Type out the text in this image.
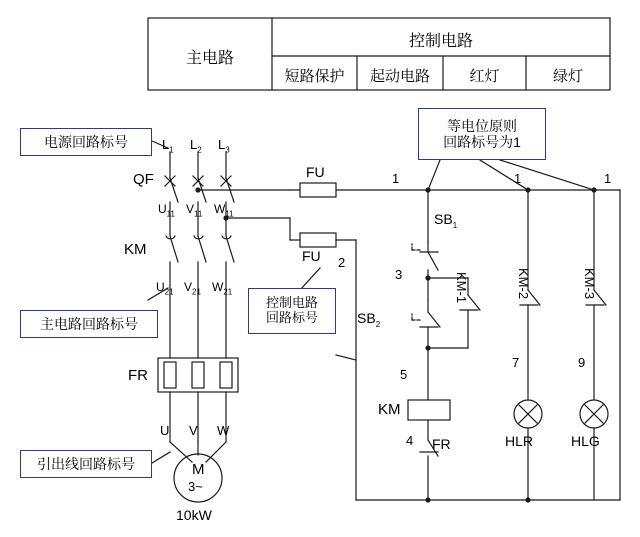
主电路
控制电路
短路保护	起动电路	红灯	绿灯
电源回路标号
等电位原则
回路标号为1
主电路回路标号
控制电路
回路标号
引出线回路标号
$L_1$ $L_2$ $L_3$
$U_{11}$ $V_{11}$ $W_{11}$
$U_{21}$ $V_{21}$ $W_{21}$
U V W
QF
KM
FR
FU
FU
$SB_1$
$SB_2$
KM-1	KM-2	KM-3
KM
FR	HLR	HLG
M
3~
10kW
1	1	1
2
3
5
4
7	9
